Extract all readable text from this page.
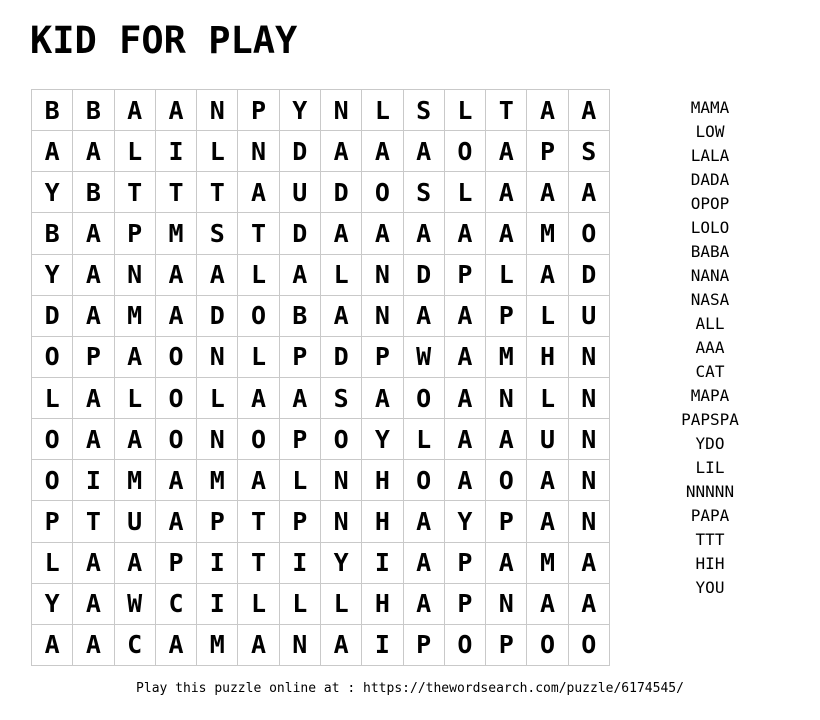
KID FOR PLAY
B	B	A	A	N	P	Y	N	L	S	L	T	A	A
A	A	L	I	L	N	D	A	A	A	O	A	P	S
Y	B	T	T	T	A	U	D	O	S	L	A	A	A
B	A	P	M	S	T	D	A	A	A	A	A	M	O
Y	A	N	A	A	L	A	L	N	D	P	L	A	D
D	A	M	A	D	O	B	A	N	A	A	P	L	U
O	P	A	O	N	L	P	D	P	W	A	M	H	N
L	A	L	O	L	A	A	S	A	O	A	N	L	N
O	A	A	O	N	O	P	O	Y	L	A	A	U	N
O	I	M	A	M	A	L	N	H	O	A	O	A	N
P	T	U	A	P	T	P	N	H	A	Y	P	A	N
L	A	A	P	I	T	I	Y	I	A	P	A	M	A
Y	A	W	C	I	L	L	L	H	A	P	N	A	A
A	A	C	A	M	A	N	A	I	P	O	P	O	O
MAMA
LOW
LALA
DADA
OPOP
LOLO
BABA
NANA
NASA
ALL
AAA
CAT
MAPA
PAPSPA
YDO
LIL
NNNNN
PAPA
TTT
HIH
YOU
Play this puzzle online at : https://thewordsearch.com/puzzle/6174545/
